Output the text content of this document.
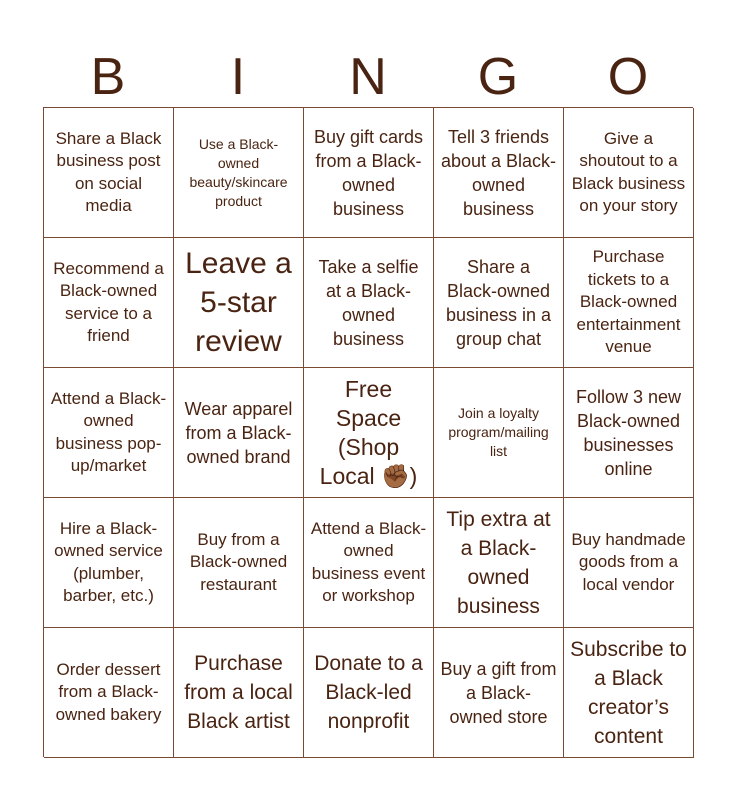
B	I	N	G	O
Share a Black business post on social media
Use a Black-owned beauty/skincare product
Buy gift cards from a Black-owned business
Tell 3 friends about a Black-owned business
Give a shoutout to a Black business on your story
Recommend a Black-owned service to a friend
Leave a 5-star review
Take a selfie at a Black-owned business
Share a Black-owned business in a group chat
Purchase tickets to a Black-owned entertainment venue
Attend a Black-owned business pop-up/market
Wear apparel from a Black-owned brand
Free Space (Shop Local ✊🏾)
Join a loyalty program/mailing list
Follow 3 new Black-owned businesses online
Hire a Black-owned service (plumber, barber, etc.)
Buy from a Black-owned restaurant
Attend a Black-owned business event or workshop
Tip extra at a Black-owned business
Buy handmade goods from a local vendor
Order dessert from a Black-owned bakery
Purchase from a local Black artist
Donate to a Black-led nonprofit
Buy a gift from a Black-owned store
Subscribe to a Black creator’s content
